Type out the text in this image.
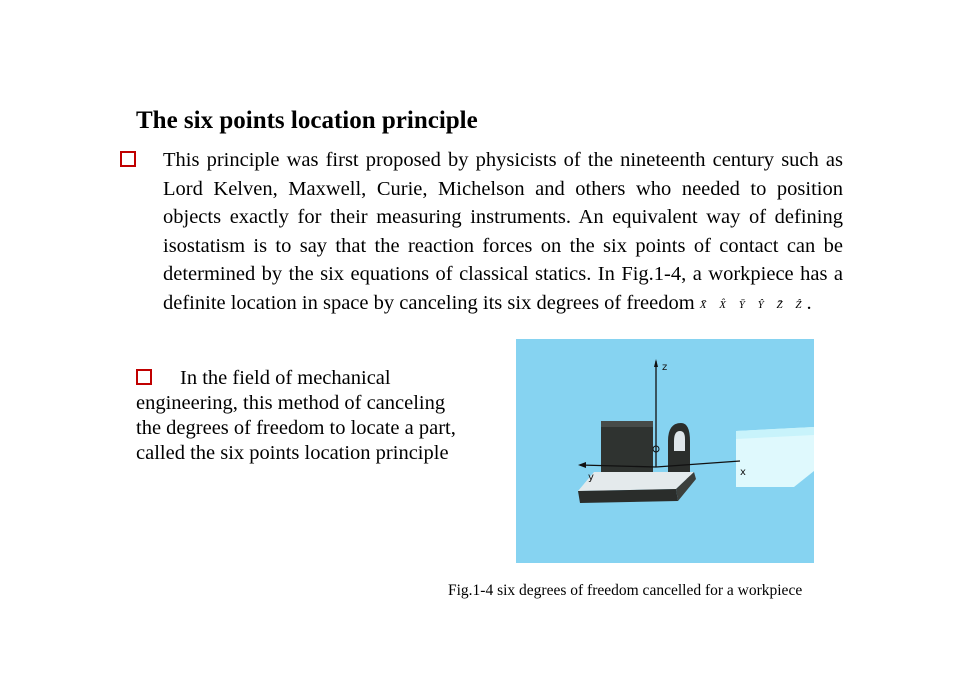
The six points location principle
This principle was first proposed by physicists of the nineteenth century such as Lord Kelven, Maxwell, Curie, Michelson and others who needed to position objects exactly for their measuring instruments. An equivalent way of defining isostatism is to say that the reaction forces on the six points of contact can be determined by the six equations of classical statics. In Fig.1-4, a workpiece has a definite location in space by canceling its six degrees of freedom X̄ X̂ Ȳ Ŷ Z̄ Ẑ.
In the field of mechanical engineering, this method of canceling the degrees of freedom to locate a part, called the six points location principle
z
x
y
Fig.1-4 six degrees of freedom cancelled for a workpiece
